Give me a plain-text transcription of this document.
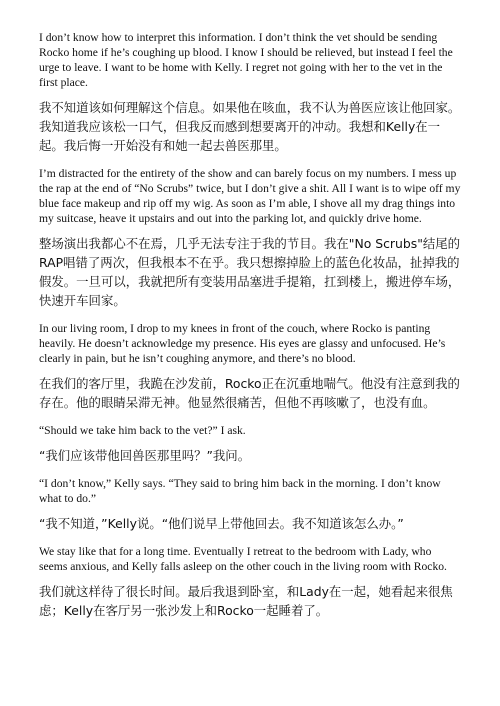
I don’t know how to interpret this information. I don’t think the vet should be sending Rocko home if he’s coughing up blood. I know I should be relieved, but instead I feel the urge to leave. I want to be home with Kelly. I regret not going with her to the vet in the first place.

我不知道该如何理解这个信息。如果他在咳血，我不认为兽医应该让他回家。我知道我应该松一口气，但我反而感到想要离开的冲动。我想和Kelly在一起。我后悔一开始没有和她一起去兽医那里。

I’m distracted for the entirety of the show and can barely focus on my numbers. I mess up the rap at the end of “No Scrubs” twice, but I don’t give a shit. All I want is to wipe off my blue face makeup and rip off my wig. As soon as I’m able, I shove all my drag things into my suitcase, heave it upstairs and out into the parking lot, and quickly drive home.

整场演出我都心不在焉，几乎无法专注于我的节目。我在"No Scrubs"结尾的RAP唱错了两次，但我根本不在乎。我只想擦掉脸上的蓝色化妆品，扯掉我的假发。一旦可以，我就把所有变装用品塞进手提箱，扛到楼上，搬进停车场，快速开车回家。

In our living room, I drop to my knees in front of the couch, where Rocko is panting heavily. He doesn’t acknowledge my presence. His eyes are glassy and unfocused. He’s clearly in pain, but he isn’t coughing anymore, and there’s no blood.

在我们的客厅里，我跪在沙发前，Rocko正在沉重地喘气。他没有注意到我的存在。他的眼睛呆滞无神。他显然很痛苦，但他不再咳嗽了，也没有血。

“Should we take him back to the vet?” I ask.

“我们应该带他回兽医那里吗？”我问。

“I don’t know,” Kelly says. “They said to bring him back in the morning. I don’t know what to do.”

“我不知道，”Kelly说。“他们说早上带他回去。我不知道该怎么办。”

We stay like that for a long time. Eventually I retreat to the bedroom with Lady, who seems anxious, and Kelly falls asleep on the other couch in the living room with Rocko.

我们就这样待了很长时间。最后我退到卧室，和Lady在一起，她看起来很焦虑；Kelly在客厅另一张沙发上和Rocko一起睡着了。
